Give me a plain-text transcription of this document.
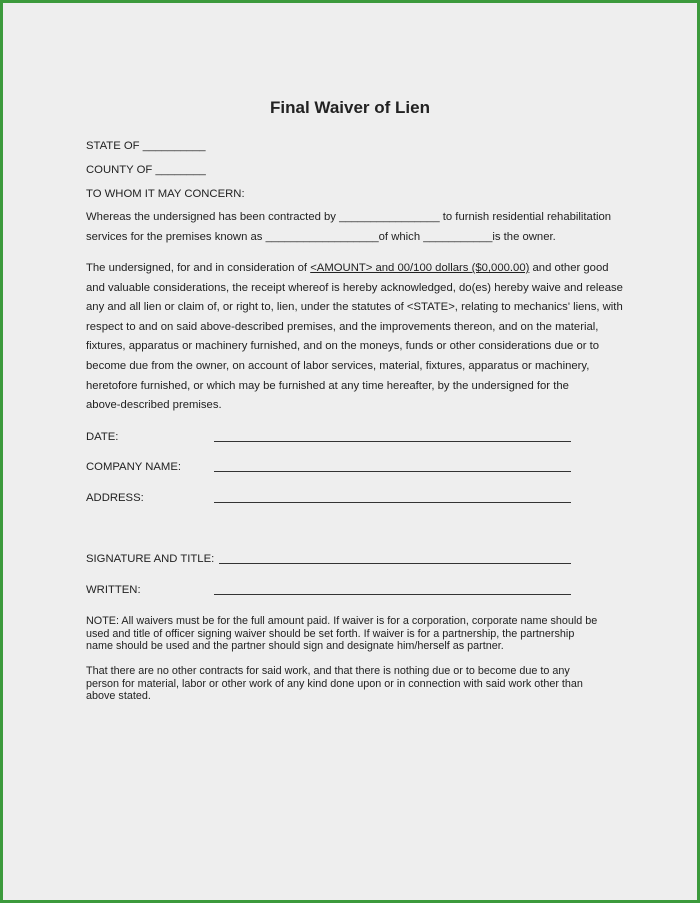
Final Waiver of Lien
STATE OF __________
COUNTY OF ________
TO WHOM IT MAY CONCERN:
Whereas the undersigned has been contracted by ________________ to furnish residential rehabilitation
services for the premises known as __________________of which ___________is the owner.
The undersigned, for and in consideration of <AMOUNT> and 00/100 dollars ($0,000.00) and other good
and valuable considerations, the receipt whereof is hereby acknowledged, do(es) hereby waive and release
any and all lien or claim of, or right to, lien, under the statutes of <STATE>, relating to mechanics' liens, with
respect to and on said above-described premises, and the improvements thereon, and on the material,
fixtures, apparatus or machinery furnished, and on the moneys, funds or other considerations due or to
become due from the owner, on account of labor services, material, fixtures, apparatus or machinery,
heretofore furnished, or which may be furnished at any time hereafter, by the undersigned for the
above-described premises.
DATE:
COMPANY NAME:
ADDRESS:
SIGNATURE AND TITLE:
WRITTEN:
NOTE: All waivers must be for the full amount paid. If waiver is for a corporation, corporate name should be
used and title of officer signing waiver should be set forth. If waiver is for a partnership, the partnership
name should be used and the partner should sign and designate him/herself as partner.
That there are no other contracts for said work, and that there is nothing due or to become due to any
person for material, labor or other work of any kind done upon or in connection with said work other than
above stated.
